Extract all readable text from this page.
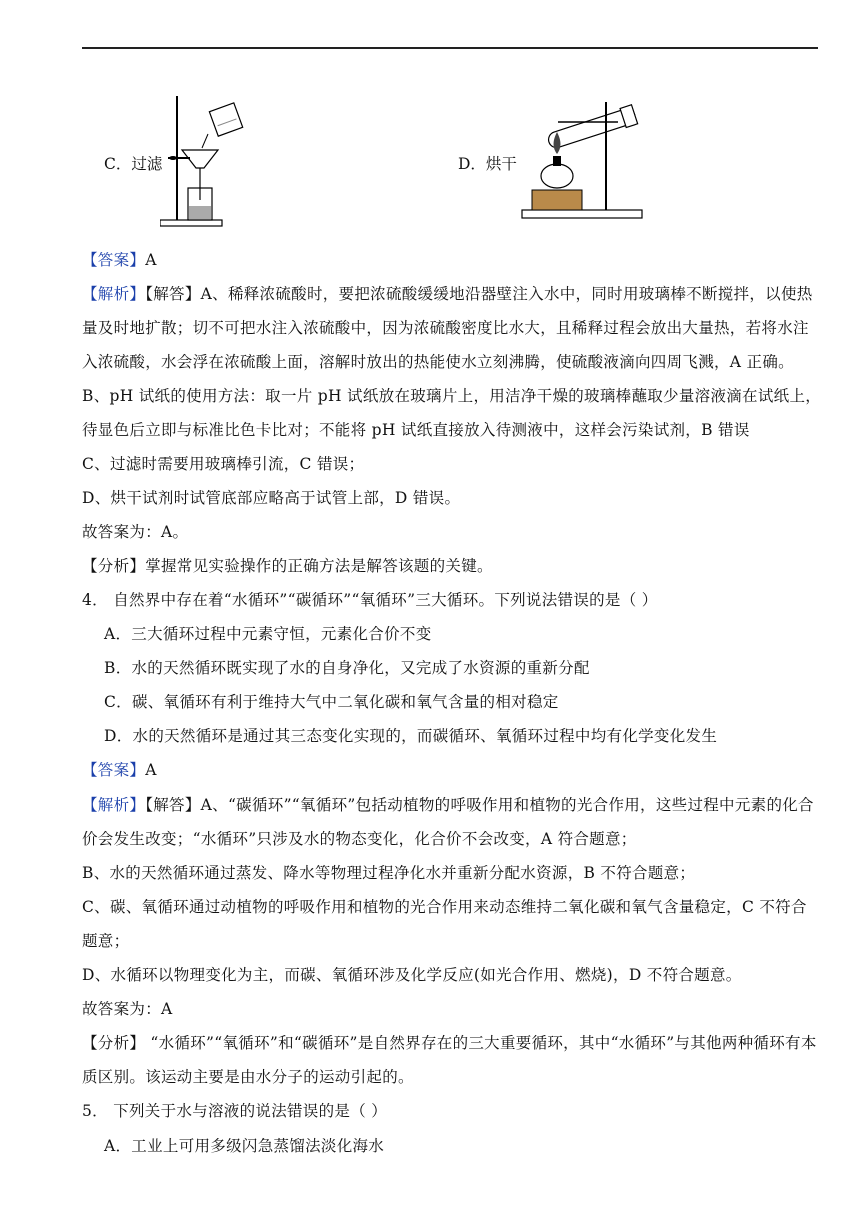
C．过滤	D．烘干
【答案】A
【解析】【解答】A、稀释浓硫酸时，要把浓硫酸缓缓地沿器壁注入水中，同时用玻璃棒不断搅拌，以使热
量及时地扩散；切不可把水注入浓硫酸中，因为浓硫酸密度比水大，且稀释过程会放出大量热，若将水注
入浓硫酸，水会浮在浓硫酸上面，溶解时放出的热能使水立刻沸腾，使硫酸液滴向四周飞溅，A 正确。
B、pH 试纸的使用方法：取一片 pH 试纸放在玻璃片上，用洁净干燥的玻璃棒蘸取少量溶液滴在试纸上，
待显色后立即与标准比色卡比对；不能将 pH 试纸直接放入待测液中，这样会污染试剂，B 错误
C、过滤时需要用玻璃棒引流，C 错误；
D、烘干试剂时试管底部应略高于试管上部，D 错误。
故答案为：A。
【分析】掌握常见实验操作的正确方法是解答该题的关键。
4． 自然界中存在着“水循环”“碳循环”“氧循环”三大循环。下列说法错误的是（ ）
A．三大循环过程中元素守恒，元素化合价不变
B．水的天然循环既实现了水的自身净化，又完成了水资源的重新分配
C．碳、氧循环有利于维持大气中二氧化碳和氧气含量的相对稳定
D．水的天然循环是通过其三态变化实现的，而碳循环、氧循环过程中均有化学变化发生
【答案】A
【解析】【解答】A、“碳循环”“氧循环”包括动植物的呼吸作用和植物的光合作用，这些过程中元素的化合
价会发生改变；“水循环”只涉及水的物态变化，化合价不会改变，A 符合题意；
B、水的天然循环通过蒸发、降水等物理过程净化水并重新分配水资源，B 不符合题意；
C、碳、氧循环通过动植物的呼吸作用和植物的光合作用来动态维持二氧化碳和氧气含量稳定，C 不符合
题意；
D、水循环以物理变化为主，而碳、氧循环涉及化学反应(如光合作用、燃烧)，D 不符合题意。
故答案为：A
【分析】 “水循环”“氧循环”和“碳循环”是自然界存在的三大重要循环，其中“水循环”与其他两种循环有本
质区别。该运动主要是由水分子的运动引起的。
5． 下列关于水与溶液的说法错误的是（ ）
A．工业上可用多级闪急蒸馏法淡化海水
